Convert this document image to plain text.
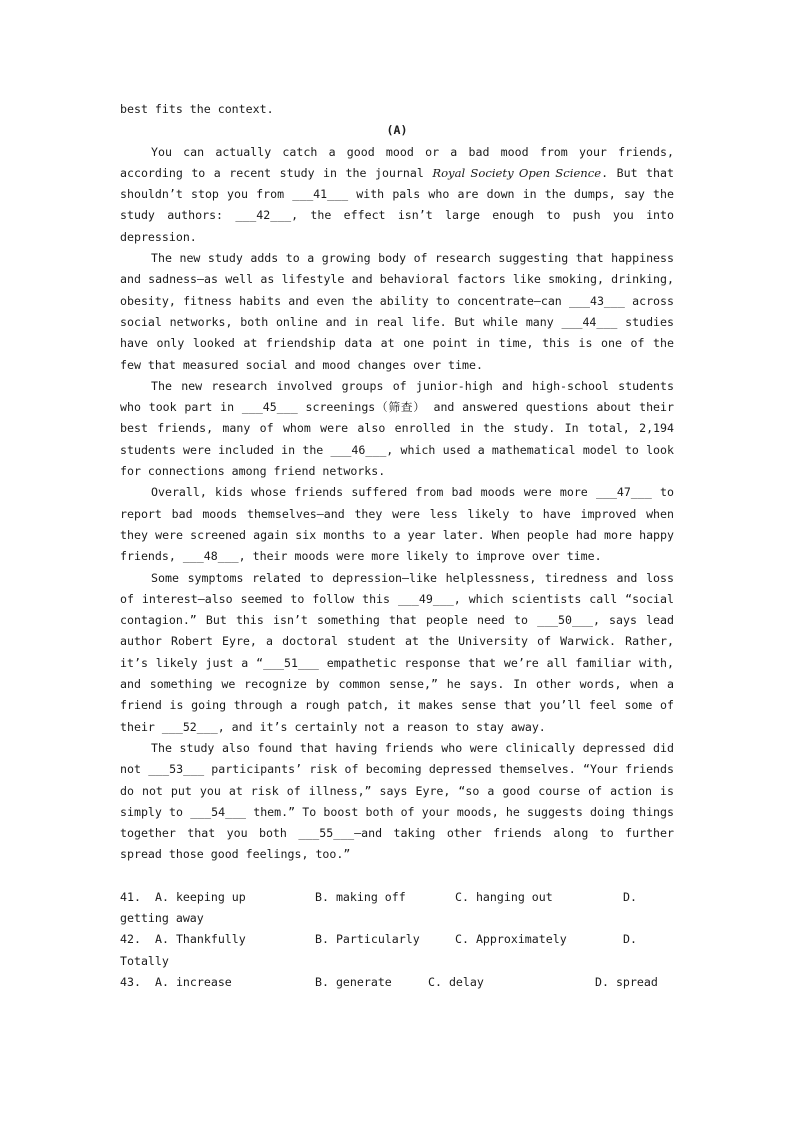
best fits the context.
(A)

You can actually catch a good mood or a bad mood from your friends, according to a recent study in the journal Royal Society Open Science. But that shouldn’t stop you from ___41___ with pals who are down in the dumps, say the study authors: ___42___, the effect isn’t large enough to push you into depression.

The new study adds to a growing body of research suggesting that happiness and sadness—as well as lifestyle and behavioral factors like smoking, drinking, obesity, fitness habits and even the ability to concentrate—can ___43___ across social networks, both online and in real life. But while many ___44___ studies have only looked at friendship data at one point in time, this is one of the few that measured social and mood changes over time.

The new research involved groups of junior-high and high-school students who took part in ___45___ screenings（筛查） and answered questions about their best friends, many of whom were also enrolled in the study. In total, 2,194 students were included in the ___46___, which used a mathematical model to look for connections among friend networks.

Overall, kids whose friends suffered from bad moods were more ___47___ to report bad moods themselves—and they were less likely to have improved when they were screened again six months to a year later. When people had more happy friends, ___48___, their moods were more likely to improve over time.

Some symptoms related to depression—like helplessness, tiredness and loss of interest—also seemed to follow this ___49___, which scientists call “social contagion.” But this isn’t something that people need to ___50___, says lead author Robert Eyre, a doctoral student at the University of Warwick. Rather, it’s likely just a “___51___ empathetic response that we’re all familiar with, and something we recognize by common sense,” he says. In other words, when a friend is going through a rough patch, it makes sense that you’ll feel some of their ___52___, and it’s certainly not a reason to stay away.

The study also found that having friends who were clinically depressed did not ___53___ participants’ risk of becoming depressed themselves. “Your friends do not put you at risk of illness,” says Eyre, “so a good course of action is simply to ___54___ them.” To boost both of your moods, he suggests doing things together that you both ___55___—and taking other friends along to further spread those good feelings, too.”

41. A. keeping up	B. making off	C. hanging out	D.
getting away
42. A. Thankfully	B. Particularly	C. Approximately	D.
Totally
43. A. increase	B. generate	C. delay	D. spread
